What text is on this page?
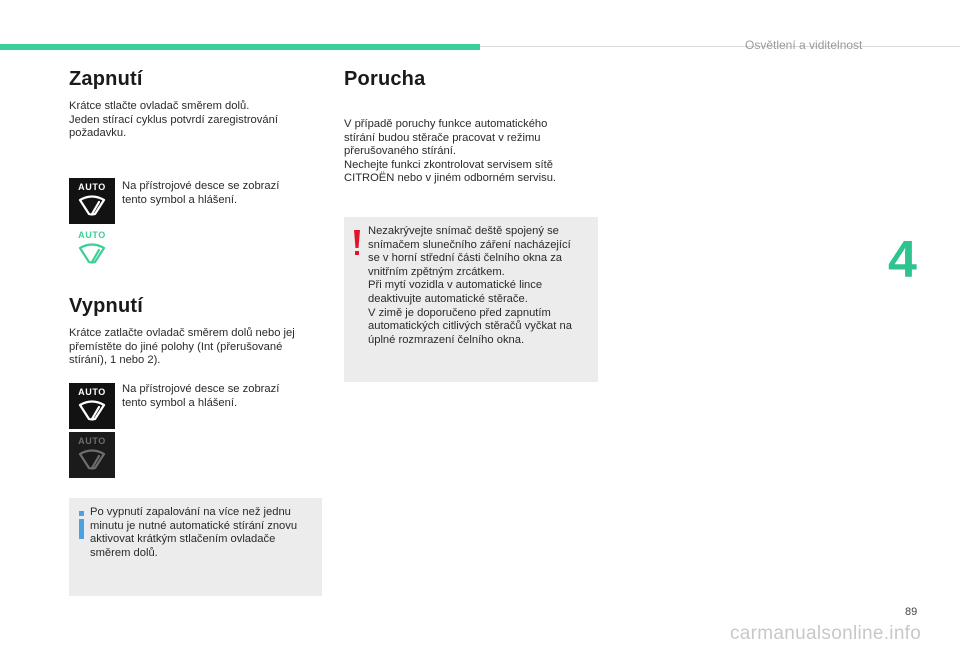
Osvětlení a viditelnost
4
Zapnutí
Krátce stlačte ovladač směrem dolů.
Jeden stírací cyklus potvrdí zaregistrování
požadavku.
AUTO	Na přístrojové desce se zobrazí
tento symbol a hlášení.
AUTO
Vypnutí
Krátce zatlačte ovladač směrem dolů nebo jej
přemístěte do jiné polohy (Int (přerušované
stírání), 1 nebo 2).
AUTO	Na přístrojové desce se zobrazí
tento symbol a hlášení.
AUTO
Po vypnutí zapalování na více než jednu
minutu je nutné automatické stírání znovu
aktivovat krátkým stlačením ovladače
směrem dolů.
Porucha
V případě poruchy funkce automatického
stírání budou stěrače pracovat v režimu
přerušovaného stírání.
Nechejte funkci zkontrolovat servisem sítě
CITROËN nebo v jiném odborném servisu.
Nezakrývejte snímač deště spojený se
snímačem slunečního záření nacházející
se v horní střední části čelního okna za
vnitřním zpětným zrcátkem.
Při mytí vozidla v automatické lince
deaktivujte automatické stěrače.
V zimě je doporučeno před zapnutím
automatických citlivých stěračů vyčkat na
úplné rozmrazení čelního okna.
89
carmanualsonline.info
